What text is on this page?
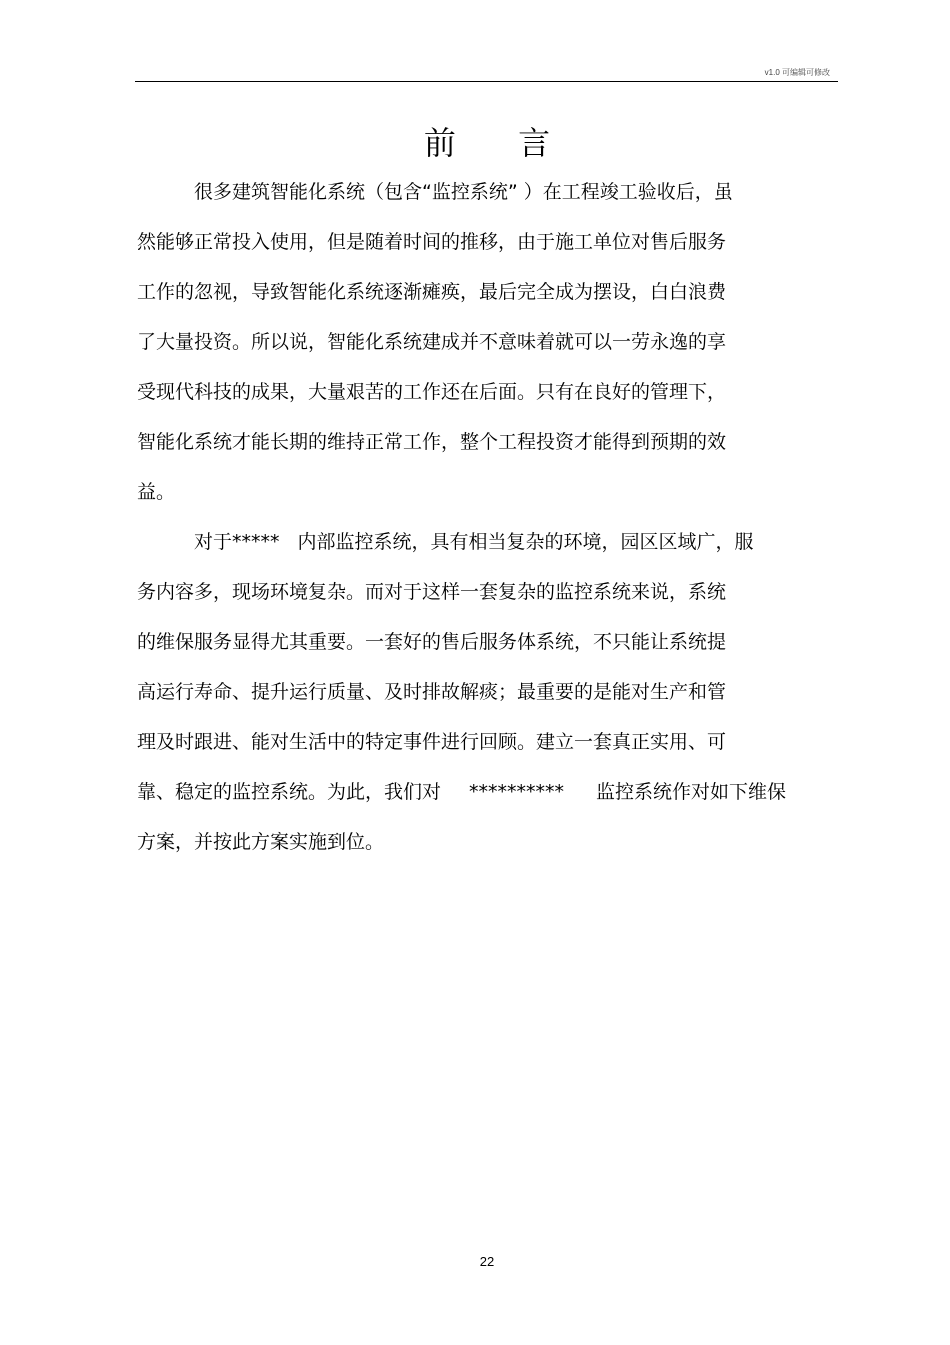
v1.0 可编辑可修改
前 言
很多建筑智能化系统（包含“监控系统” ）在工程竣工验收后，虽
然能够正常投入使用，但是随着时间的推移，由于施工单位对售后服务
工作的忽视，导致智能化系统逐渐瘫痪，最后完全成为摆设，白白浪费
了大量投资。所以说，智能化系统建成并不意味着就可以一劳永逸的享
受现代科技的成果，大量艰苦的工作还在后面。只有在良好的管理下，
智能化系统才能长期的维持正常工作，整个工程投资才能得到预期的效
益。
对于***** 内部监控系统，具有相当复杂的环境，园区区域广，服
务内容多，现场环境复杂。而对于这样一套复杂的监控系统来说，系统
的维保服务显得尤其重要。一套好的售后服务体系统，不只能让系统提
高运行寿命、提升运行质量、及时排故解痰；最重要的是能对生产和管
理及时跟进、能对生活中的特定事件进行回顾。建立一套真正实用、可
靠、稳定的监控系统。为此，我们对 ********** 监控系统作对如下维保
方案，并按此方案实施到位。
22
